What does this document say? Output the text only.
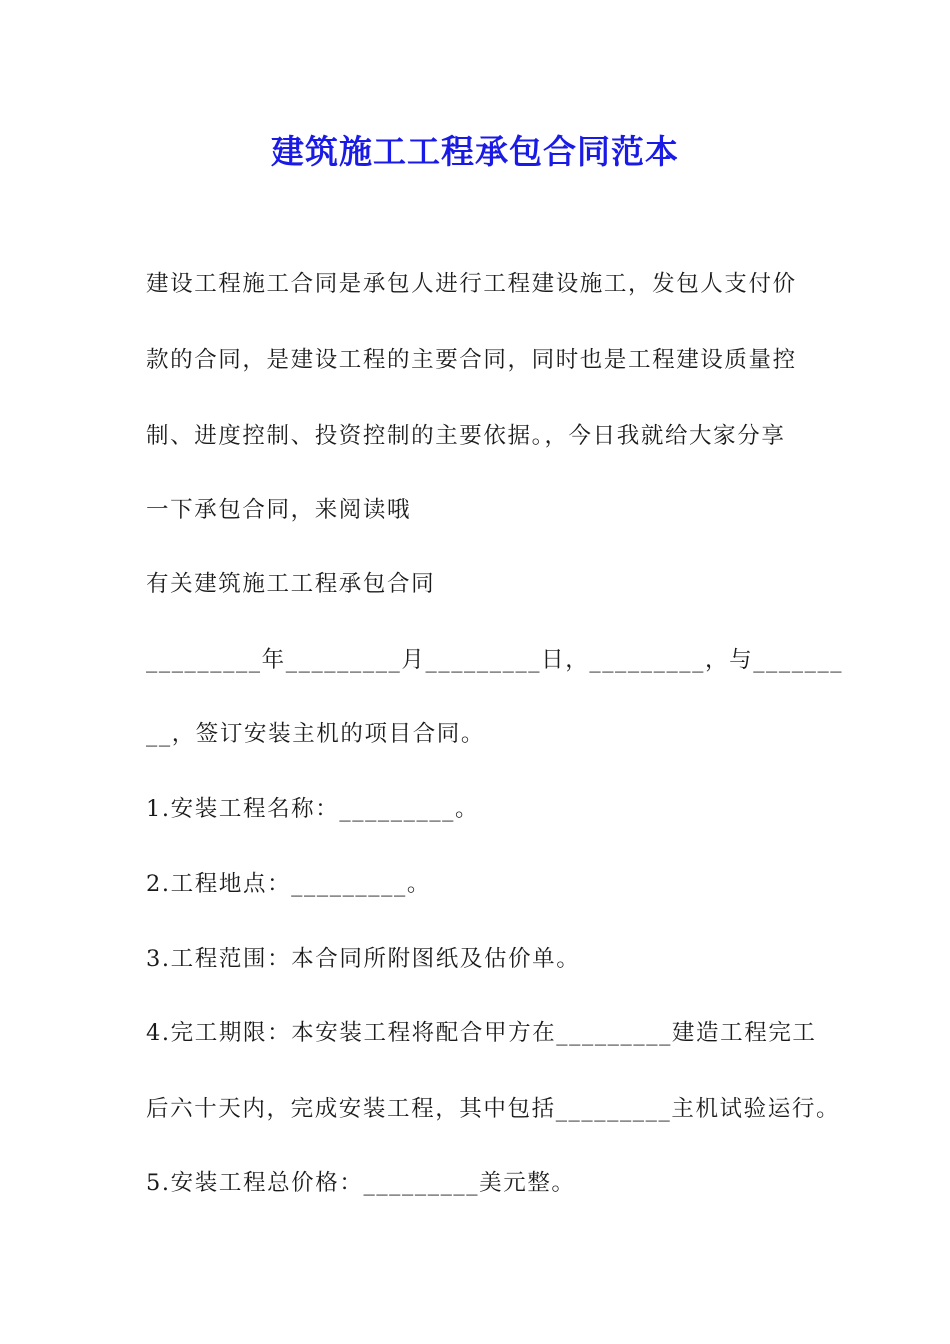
建筑施工工程承包合同范本
建设工程施工合同是承包人进行工程建设施工，发包人支付价
款的合同，是建设工程的主要合同，同时也是工程建设质量控
制、进度控制、投资控制的主要依据。，今日我就给大家分享
一下承包合同，来阅读哦
有关建筑施工工程承包合同
_________年_________月_________日，_________，与_______
__，签订安装主机的项目合同。
1.安装工程名称：_________。
2.工程地点：_________。
3.工程范围：本合同所附图纸及估价单。
4.完工期限：本安装工程将配合甲方在_________建造工程完工
后六十天内，完成安装工程，其中包括_________主机试验运行。
5.安装工程总价格：_________美元整。
